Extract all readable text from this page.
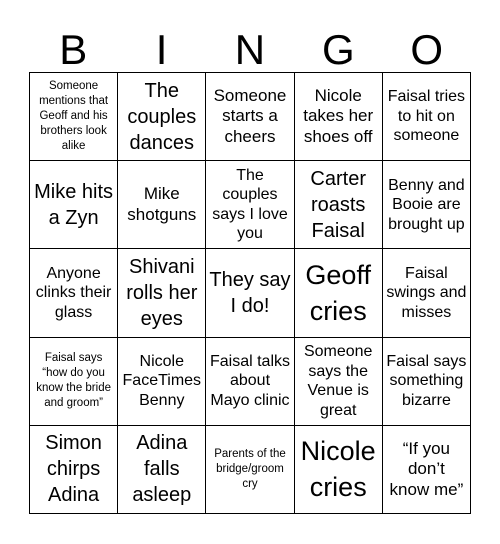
B	I	N	G	O
Someone mentions that Geoff and his brothers look alike
The couples dances
Someone starts a cheers
Nicole takes her shoes off
Faisal tries to hit on someone
Mike hits a Zyn
Mike shotguns
The couples says I love you
Carter roasts Faisal
Benny and Booie are brought up
Anyone clinks their glass
Shivani rolls her eyes
They say I do!
Geoff cries
Faisal swings and misses
Faisal says “how do you know the bride and groom”
Nicole FaceTimes Benny
Faisal talks about Mayo clinic
Someone says the Venue is great
Faisal says something bizarre
Simon chirps Adina
Adina falls asleep
Parents of the bridge/groom cry
Nicole cries
“If you don’t know me”
